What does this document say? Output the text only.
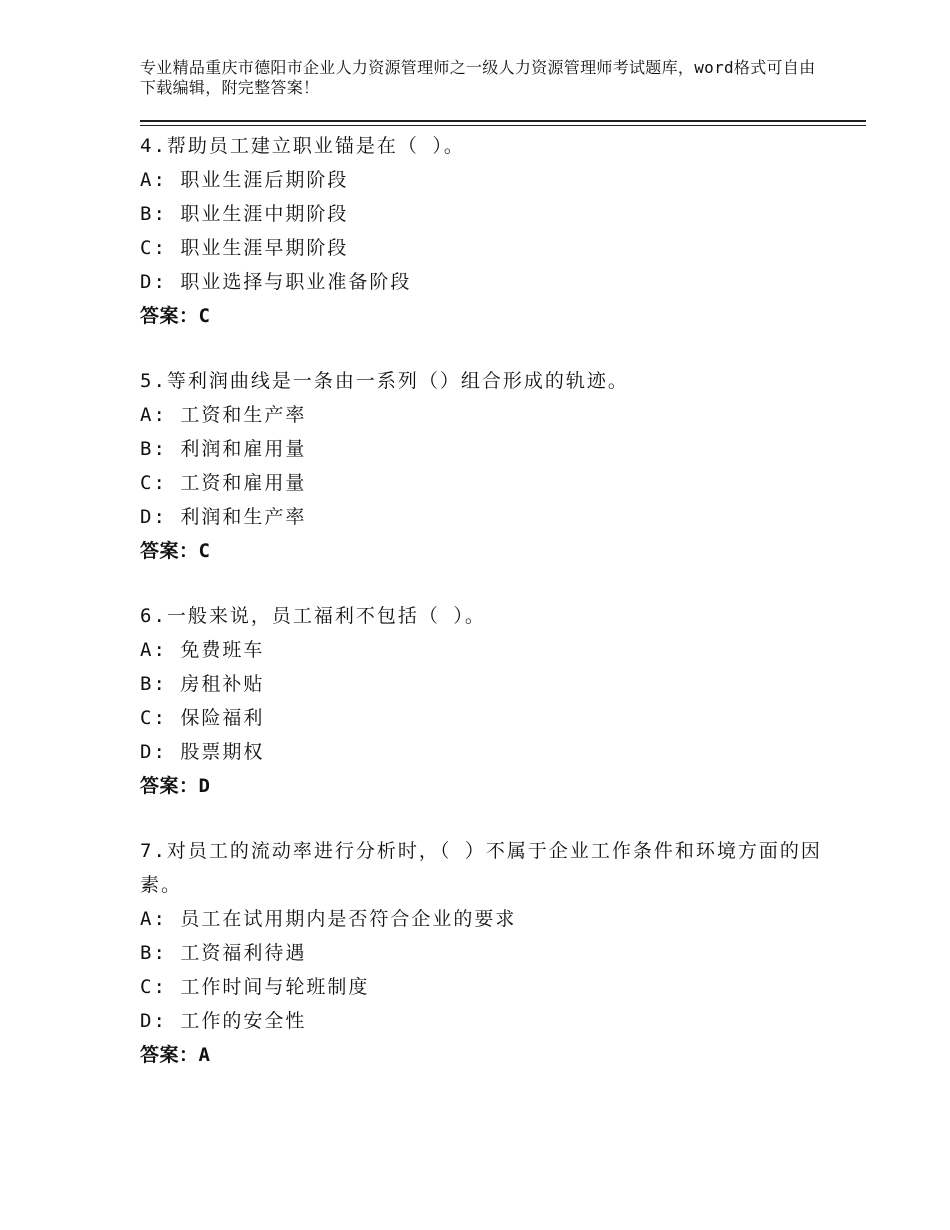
专业精品重庆市德阳市企业人力资源管理师之一级人力资源管理师考试题库，word格式可自由下载编辑，附完整答案！
4.帮助员工建立职业锚是在（ ）。
A: 职业生涯后期阶段
B: 职业生涯中期阶段
C: 职业生涯早期阶段
D: 职业选择与职业准备阶段
答案：C
5.等利润曲线是一条由一系列（）组合形成的轨迹。
A: 工资和生产率
B: 利润和雇用量
C: 工资和雇用量
D: 利润和生产率
答案：C
6.一般来说，员工福利不包括（ ）。
A: 免费班车
B: 房租补贴
C: 保险福利
D: 股票期权
答案：D
7.对员工的流动率进行分析时，（ ）不属于企业工作条件和环境方面的因素。
A: 员工在试用期内是否符合企业的要求
B: 工资福利待遇
C: 工作时间与轮班制度
D: 工作的安全性
答案：A
